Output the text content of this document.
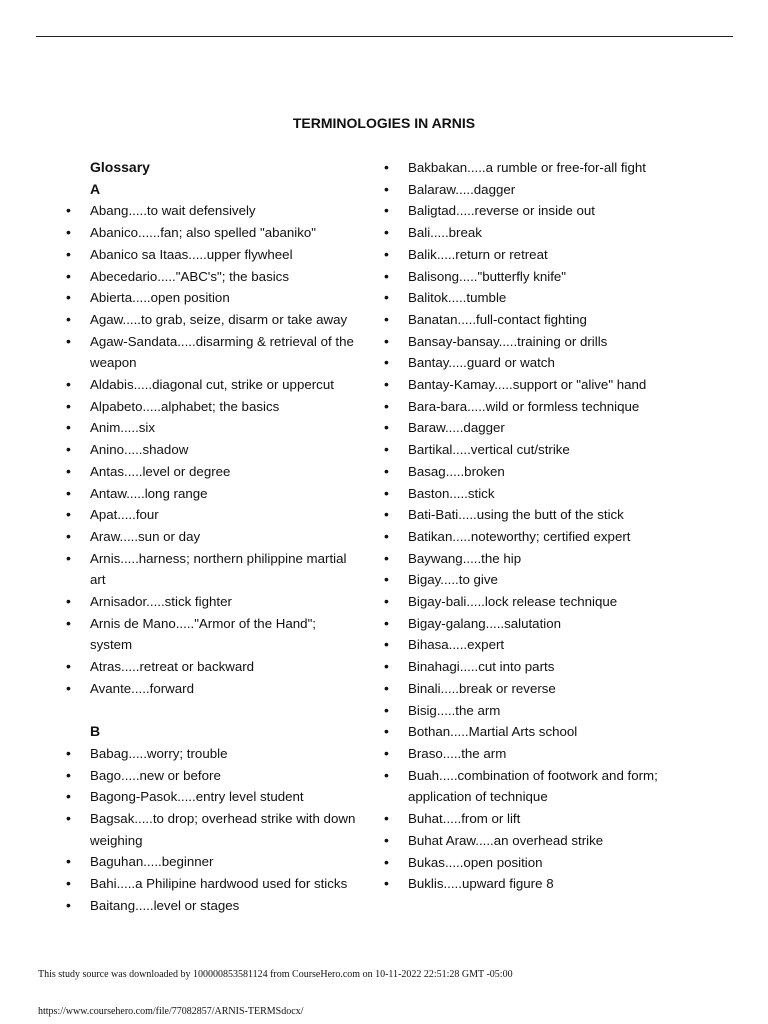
TERMINOLOGIES IN ARNIS
Glossary
A
• Abang.....to wait defensively
• Abanico......fan; also spelled "abaniko"
• Abanico sa Itaas.....upper flywheel
• Abecedario....."ABC's"; the basics
• Abierta.....open position
• Agaw.....to grab, seize, disarm or take away
• Agaw-Sandata.....disarming & retrieval of the weapon
• Aldabis.....diagonal cut, strike or uppercut
• Alpabeto.....alphabet; the basics
• Anim.....six
• Anino.....shadow
• Antas.....level or degree
• Antaw.....long range
• Apat.....four
• Araw.....sun or day
• Arnis.....harness; northern philippine martial art
• Arnisador.....stick fighter
• Arnis de Mano....."Armor of the Hand"; system
• Atras.....retreat or backward
• Avante.....forward
B
• Babag.....worry; trouble
• Bago.....new or before
• Bagong-Pasok.....entry level student
• Bagsak.....to drop; overhead strike with down weighing
• Baguhan.....beginner
• Bahi.....a Philipine hardwood used for sticks
• Baitang.....level or stages
• Bakbakan.....a rumble or free-for-all fight
• Balaraw.....dagger
• Baligtad.....reverse or inside out
• Bali.....break
• Balik.....return or retreat
• Balisong....."butterfly knife"
• Balitok.....tumble
• Banatan.....full-contact fighting
• Bansay-bansay.....training or drills
• Bantay.....guard or watch
• Bantay-Kamay.....support or "alive" hand
• Bara-bara.....wild or formless technique
• Baraw.....dagger
• Bartikal.....vertical cut/strike
• Basag.....broken
• Baston.....stick
• Bati-Bati.....using the butt of the stick
• Batikan.....noteworthy; certified expert
• Baywang.....the hip
• Bigay.....to give
• Bigay-bali.....lock release technique
• Bigay-galang.....salutation
• Bihasa.....expert
• Binahagi.....cut into parts
• Binali.....break or reverse
• Bisig.....the arm
• Bothan.....Martial Arts school
• Braso.....the arm
• Buah.....combination of footwork and form; application of technique
• Buhat.....from or lift
• Buhat Araw.....an overhead strike
• Bukas.....open position
• Buklis.....upward figure 8
This study source was downloaded by 100000853581124 from CourseHero.com on 10-11-2022 22:51:28 GMT -05:00
https://www.coursehero.com/file/77082857/ARNIS-TERMSdocx/
